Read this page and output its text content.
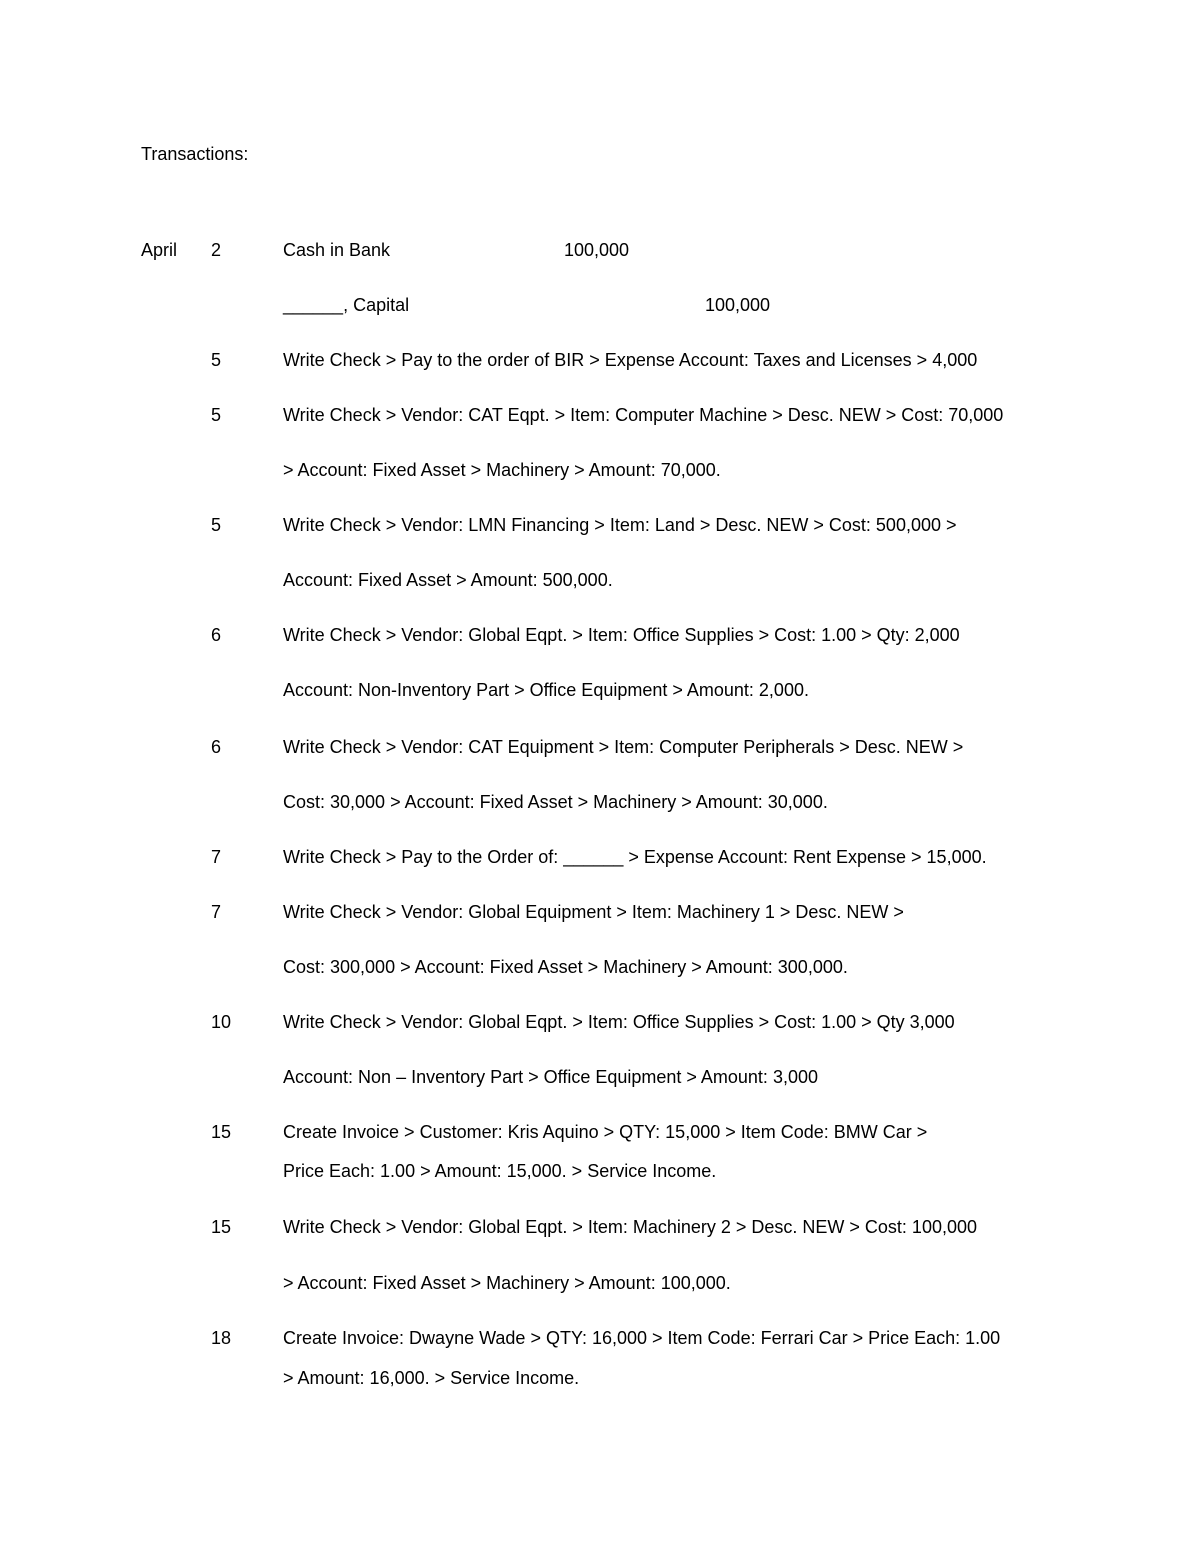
Transactions:
April 2	Cash in Bank	100,000
______, Capital	100,000
5	Write Check > Pay to the order of BIR > Expense Account: Taxes and Licenses > 4,000
5	Write Check > Vendor: CAT Eqpt. > Item: Computer Machine > Desc. NEW > Cost: 70,000
> Account: Fixed Asset > Machinery > Amount: 70,000.
5	Write Check > Vendor: LMN Financing > Item: Land > Desc. NEW > Cost: 500,000 >
Account: Fixed Asset > Amount: 500,000.
6	Write Check > Vendor: Global Eqpt. > Item: Office Supplies > Cost: 1.00 > Qty: 2,000
Account: Non-Inventory Part > Office Equipment > Amount: 2,000.
6	Write Check > Vendor: CAT Equipment > Item: Computer Peripherals > Desc. NEW >
Cost: 30,000 > Account: Fixed Asset > Machinery > Amount: 30,000.
7	Write Check > Pay to the Order of: ______ > Expense Account: Rent Expense > 15,000.
7	Write Check > Vendor: Global Equipment > Item: Machinery 1 > Desc. NEW >
Cost: 300,000 > Account: Fixed Asset > Machinery > Amount: 300,000.
10	Write Check > Vendor: Global Eqpt. > Item: Office Supplies > Cost: 1.00 > Qty 3,000
Account: Non – Inventory Part > Office Equipment > Amount: 3,000
15	Create Invoice > Customer: Kris Aquino > QTY: 15,000 > Item Code: BMW Car >
Price Each: 1.00 > Amount: 15,000. > Service Income.
15	Write Check > Vendor: Global Eqpt. > Item: Machinery 2 > Desc. NEW > Cost: 100,000
> Account: Fixed Asset > Machinery > Amount: 100,000.
18	Create Invoice: Dwayne Wade > QTY: 16,000 > Item Code: Ferrari Car > Price Each: 1.00
> Amount: 16,000. > Service Income.
